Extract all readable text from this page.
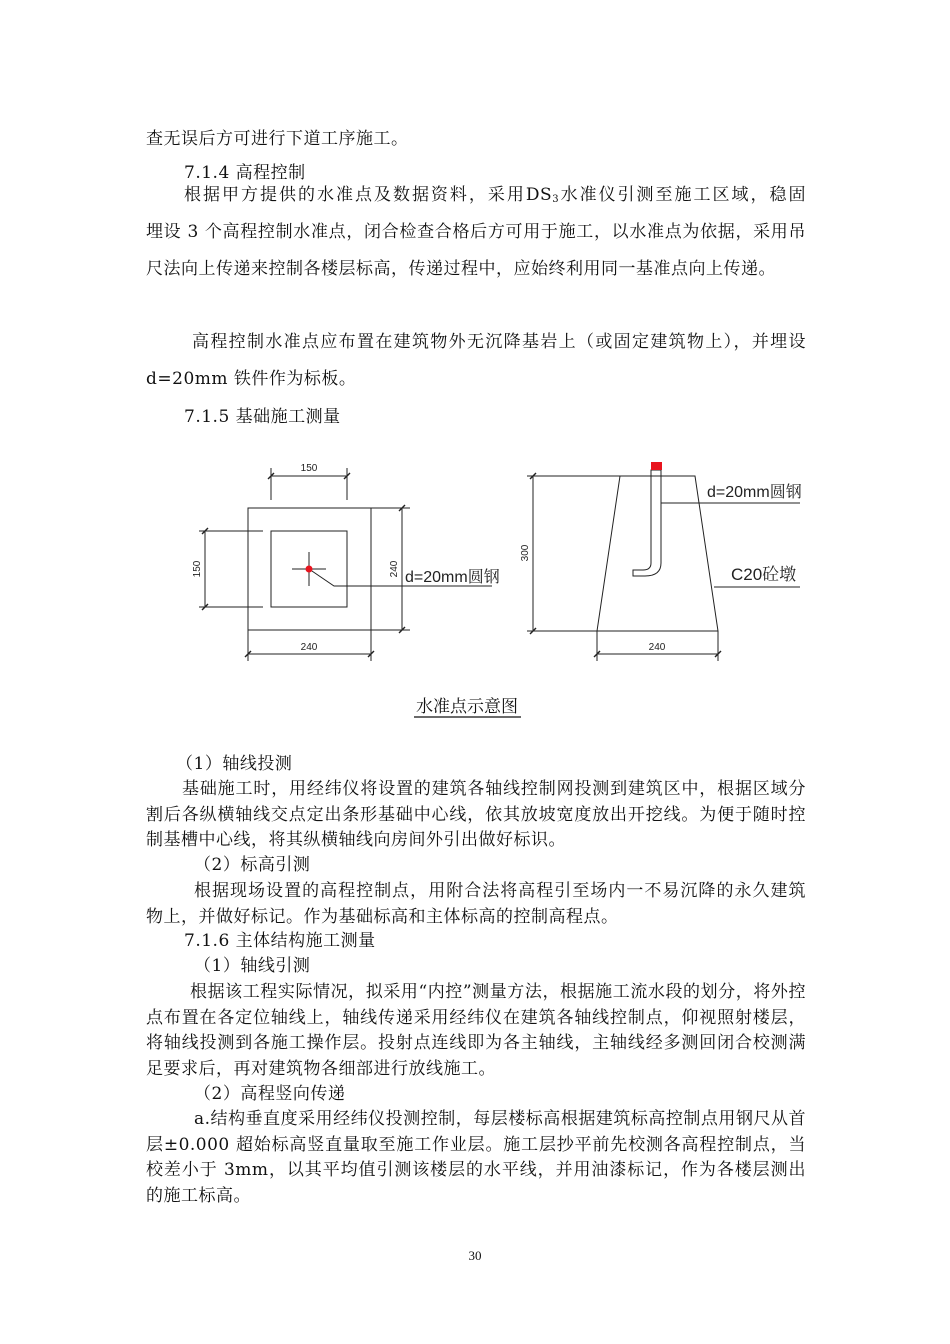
查无误后方可进行下道工序施工。

7.1.4 高程控制

根据甲方提供的水准点及数据资料，采用DS3水准仪引测至施工区域，稳固

埋设 3 个高程控制水准点，闭合检查合格后方可用于施工，以水准点为依据，采用吊尺法向上传递来控制各楼层标高，传递过程中，应始终利用同一基准点向上传递。

高程控制水准点应布置在建筑物外无沉降基岩上（或固定建筑物上），并埋设 d=20mm 铁件作为标板。

7.1.5 基础施工测量

150
150	240
240
d=20mm圆钢
300
240
d=20mm圆钢
C20砼墩
水准点示意图

（1）轴线投测

基础施工时，用经纬仪将设置的建筑各轴线控制网投测到建筑区中，根据区域分割后各纵横轴线交点定出条形基础中心线，依其放坡宽度放出开挖线。为便于随时控制基槽中心线，将其纵横轴线向房间外引出做好标识。

（2）标高引测

根据现场设置的高程控制点，用附合法将高程引至场内一不易沉降的永久建筑物上，并做好标记。作为基础标高和主体标高的控制高程点。

7.1.6 主体结构施工测量

（1）轴线引测

根据该工程实际情况，拟采用“内控”测量方法，根据施工流水段的划分，将外控点布置在各定位轴线上，轴线传递采用经纬仪在建筑各轴线控制点，仰视照射楼层，将轴线投测到各施工操作层。投射点连线即为各主轴线，主轴线经多测回闭合校测满足要求后，再对建筑物各细部进行放线施工。

（2）高程竖向传递

a.结构垂直度采用经纬仪投测控制，每层楼标高根据建筑标高控制点用钢尺从首层±0.000 超始标高竖直量取至施工作业层。施工层抄平前先校测各高程控制点，当校差小于 3mm，以其平均值引测该楼层的水平线，并用油漆标记，作为各楼层测出的施工标高。

30
